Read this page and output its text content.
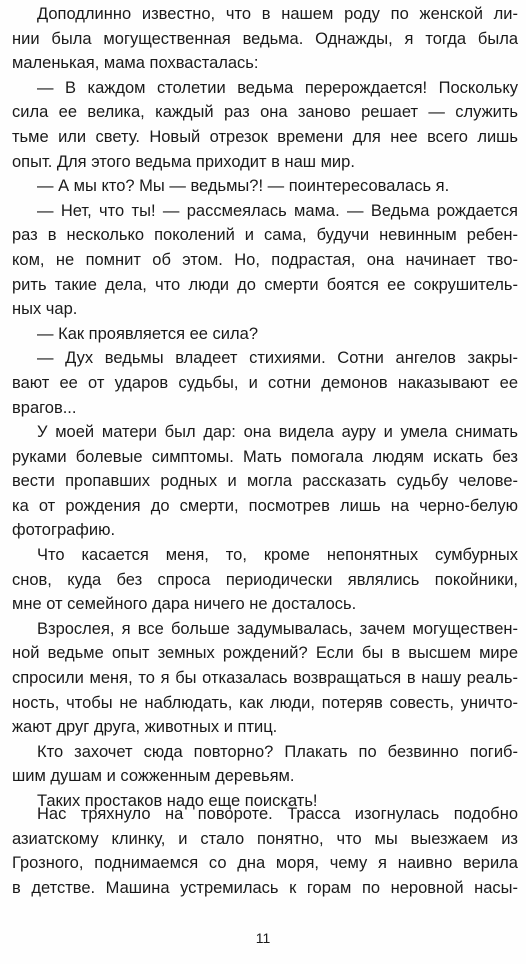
Доподлинно известно, что в нашем роду по женской ли-
нии была могущественная ведьма. Однажды, я тогда была
маленькая, мама похвасталась:
— В каждом столетии ведьма перерождается! Поскольку
сила ее велика, каждый раз она заново решает — служить
тьме или свету. Новый отрезок времени для нее всего лишь
опыт. Для этого ведьма приходит в наш мир.
— А мы кто? Мы — ведьмы?! — поинтересовалась я.
— Нет, что ты! — рассмеялась мама. — Ведьма рождается
раз в несколько поколений и сама, будучи невинным ребен-
ком, не помнит об этом. Но, подрастая, она начинает тво-
рить такие дела, что люди до смерти боятся ее сокрушитель-
ных чар.
— Как проявляется ее сила?
— Дух ведьмы владеет стихиями. Сотни ангелов закры-
вают ее от ударов судьбы, и сотни демонов наказывают ее
врагов...
У моей матери был дар: она видела ауру и умела снимать
руками болевые симптомы. Мать помогала людям искать без
вести пропавших родных и могла рассказать судьбу челове-
ка от рождения до смерти, посмотрев лишь на черно-белую
фотографию.
Что касается меня, то, кроме непонятных сумбурных
снов, куда без спроса периодически являлись покойники,
мне от семейного дара ничего не досталось.
Взрослея, я все больше задумывалась, зачем могуществен-
ной ведьме опыт земных рождений? Если бы в высшем мире
спросили меня, то я бы отказалась возвращаться в нашу реаль-
ность, чтобы не наблюдать, как люди, потеряв совесть, уничто-
жают друг друга, животных и птиц.
Кто захочет сюда повторно? Плакать по безвинно погиб-
шим душам и сожженным деревьям.
Таких простаков надо еще поискать!
Нас тряхнуло на повороте. Трасса изогнулась подобно
азиатскому клинку, и стало понятно, что мы выезжаем из
Грозного, поднимаемся со дна моря, чему я наивно верила
в детстве. Машина устремилась к горам по неровной насы-
11
